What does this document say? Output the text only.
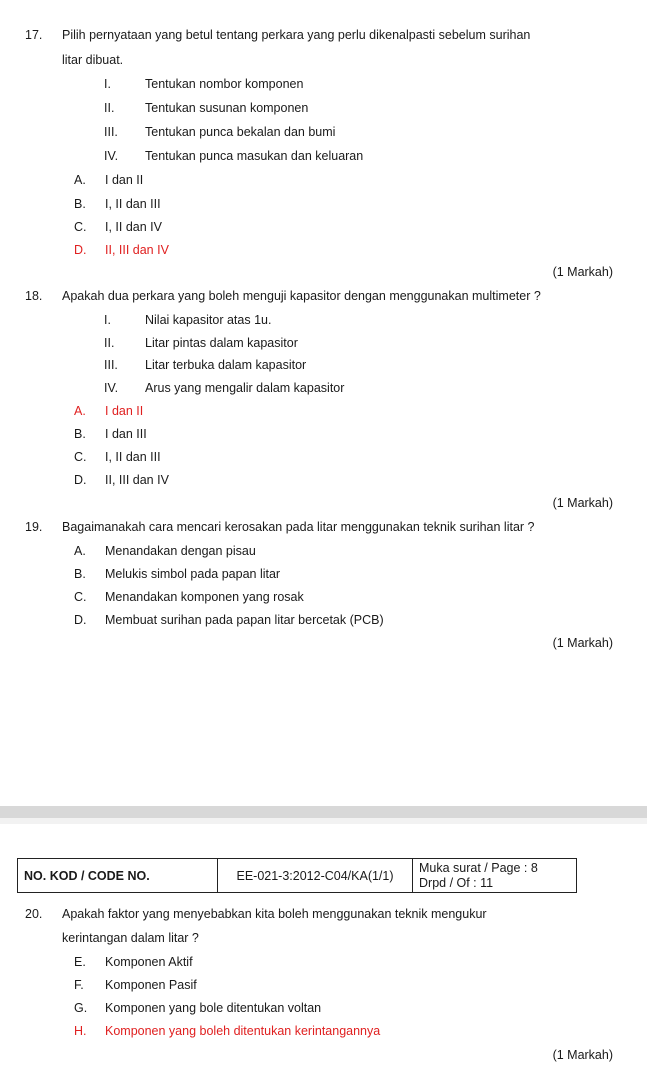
17. Pilih pernyataan yang betul tentang perkara yang perlu dikenalpasti sebelum surihan
litar dibuat.
I.	Tentukan nombor komponen
II. Tentukan susunan komponen
III. Tentukan punca bekalan dan bumi
IV. Tentukan punca masukan dan keluaran
A. I dan II
B. I, II dan III
C. I, II dan IV
D. II, III dan IV
(1 Markah)
18. Apakah dua perkara yang boleh menguji kapasitor dengan menggunakan multimeter ?
I.	Nilai kapasitor atas 1u.
II. Litar pintas dalam kapasitor
III. Litar terbuka dalam kapasitor
IV. Arus yang mengalir dalam kapasitor
A. I dan II
B. I dan III
C. I, II dan III
D. II, III dan IV
(1 Markah)
19. Bagaimanakah cara mencari kerosakan pada litar menggunakan teknik surihan litar ?
A. Menandakan dengan pisau
B. Melukis simbol pada papan litar
C. Menandakan komponen yang rosak
D. Membuat surihan pada papan litar bercetak (PCB)
(1 Markah)
NO. KOD / CODE NO.	EE-021-3:2012-C04/KA(1/1)	
Muka surat / Page : 8
Drpd / Of : 11
20. Apakah faktor yang menyebabkan kita boleh menggunakan teknik mengukur
kerintangan dalam litar ?
E. Komponen Aktif
F. Komponen Pasif
G. Komponen yang bole ditentukan voltan
H. Komponen yang boleh ditentukan kerintangannya
(1 Markah)
